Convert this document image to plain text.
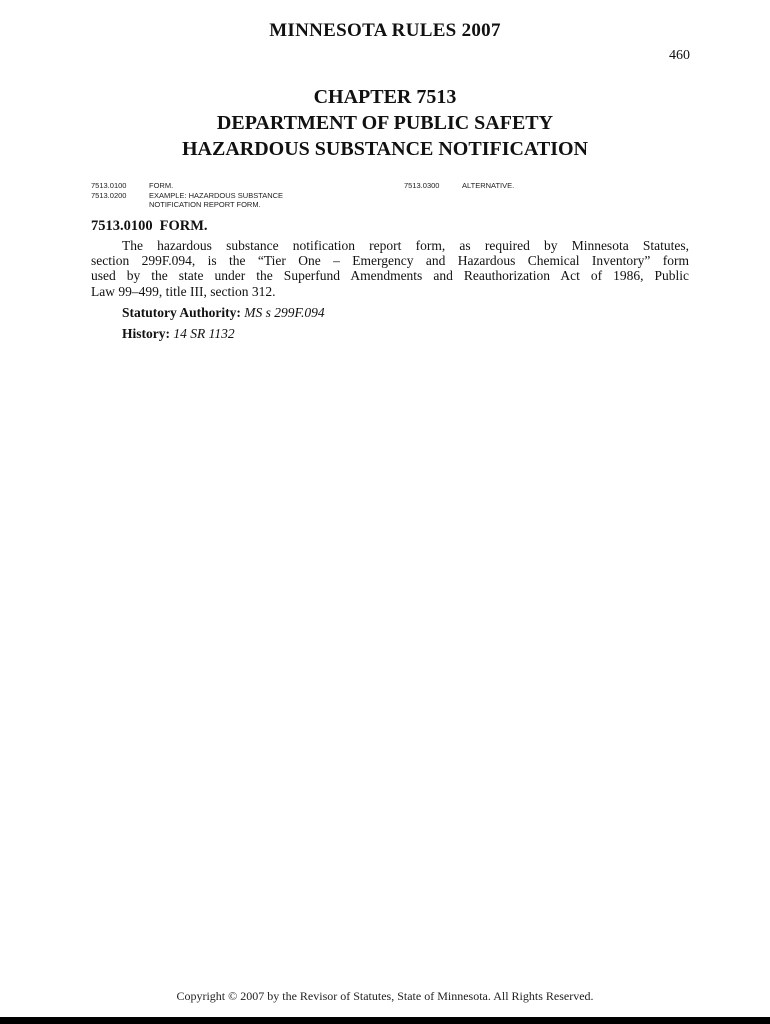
MINNESOTA RULES 2007
460
CHAPTER 7513
DEPARTMENT OF PUBLIC SAFETY
HAZARDOUS SUBSTANCE NOTIFICATION
7513.0100	FORM.
7513.0200	EXAMPLE: HAZARDOUS SUBSTANCE
NOTIFICATION REPORT FORM.
7513.0300	ALTERNATIVE.
7513.0100 FORM.
The hazardous substance notification report form, as required by Minnesota Statutes,
section 299F.094, is the “Tier One – Emergency and Hazardous Chemical Inventory” form
used by the state under the Superfund Amendments and Reauthorization Act of 1986, Public
Law 99–499, title III, section 312.
Statutory Authority: MS s 299F.094
History: 14 SR 1132
Copyright © 2007 by the Revisor of Statutes, State of Minnesota. All Rights Reserved.
